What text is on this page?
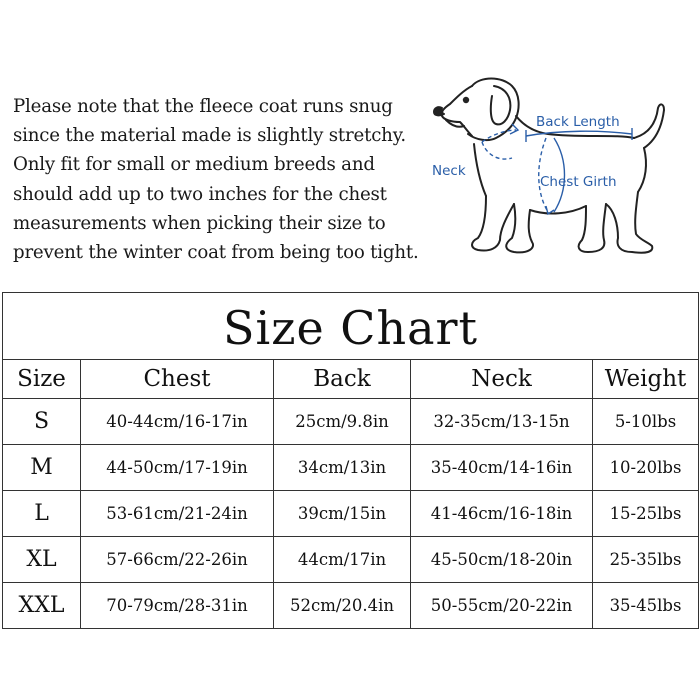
Please note that the fleece coat runs snug
since the material made is slightly stretchy.
Only fit for small or medium breeds and
should add up to two inches for the chest
measurements when picking their size to
prevent the winter coat from being too tight.
Back Length
Neck
Chest Girth
Size Chart				
Size	Chest	Back	Neck	Weight
S	40-44cm/16-17in	25cm/9.8in	32-35cm/13-15n	5-10lbs
M	44-50cm/17-19in	34cm/13in	35-40cm/14-16in	10-20lbs
L	53-61cm/21-24in	39cm/15in	41-46cm/16-18in	15-25lbs
XL	57-66cm/22-26in	44cm/17in	45-50cm/18-20in	25-35lbs
XXL	70-79cm/28-31in	52cm/20.4in	50-55cm/20-22in	35-45lbs
